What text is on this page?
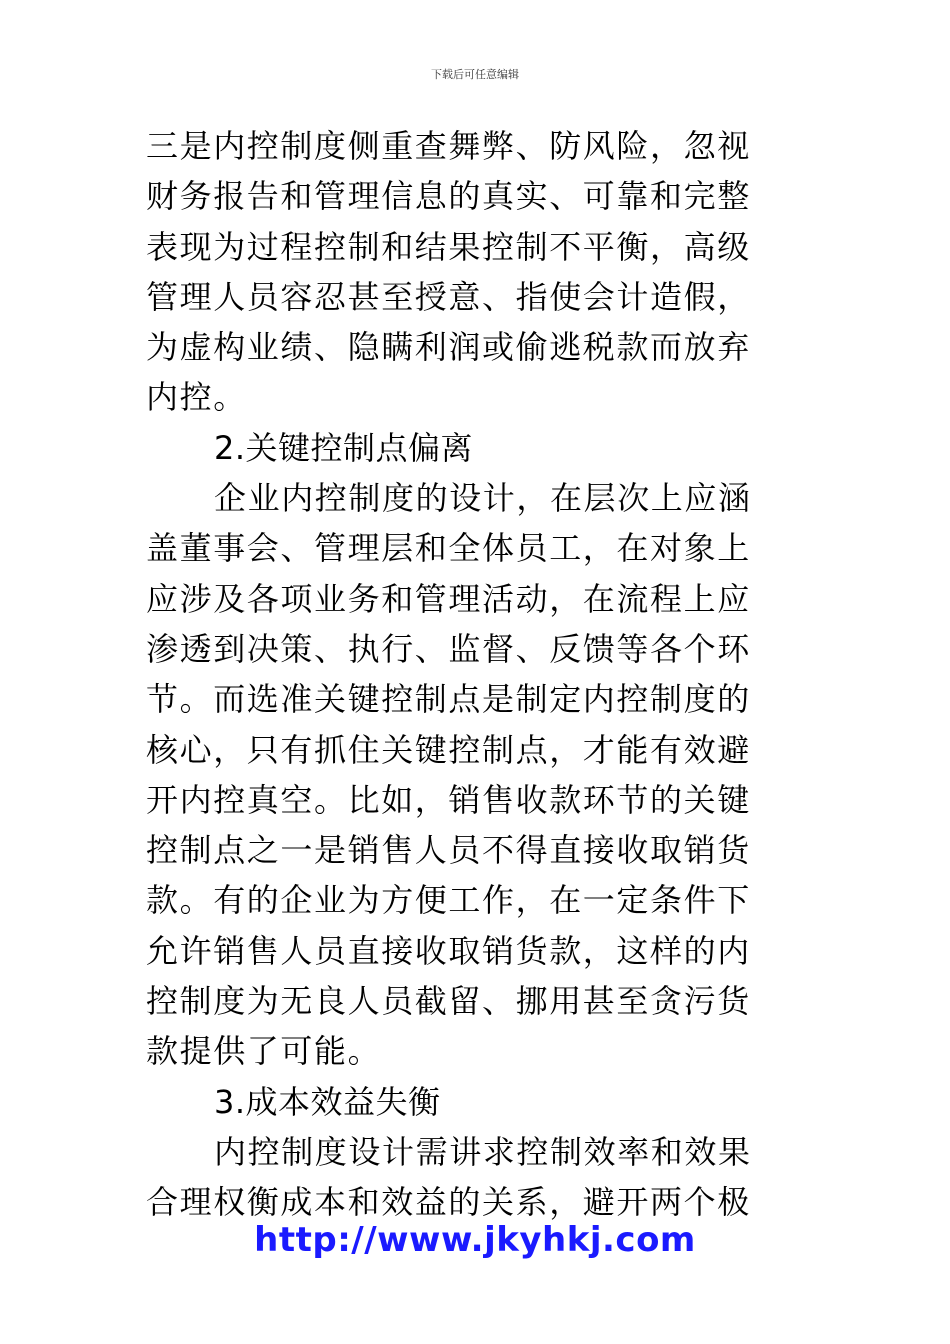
下载后可任意编辑
三是内控制度侧重查舞弊、防风险，忽视
财务报告和管理信息的真实、可靠和完整
表现为过程控制和结果控制不平衡，高级
管理人员容忍甚至授意、指使会计造假，
为虚构业绩、隐瞒利润或偷逃税款而放弃
内控。
2.关键控制点偏离
企业内控制度的设计，在层次上应涵
盖董事会、管理层和全体员工，在对象上
应涉及各项业务和管理活动，在流程上应
渗透到决策、执行、监督、反馈等各个环
节。而选准关键控制点是制定内控制度的
核心，只有抓住关键控制点，才能有效避
开内控真空。比如，销售收款环节的关键
控制点之一是销售人员不得直接收取销货
款。有的企业为方便工作，在一定条件下
允许销售人员直接收取销货款，这样的内
控制度为无良人员截留、挪用甚至贪污货
款提供了可能。
3.成本效益失衡
内控制度设计需讲求控制效率和效果
合理权衡成本和效益的关系，避开两个极
http://www.jkyhkj.com
